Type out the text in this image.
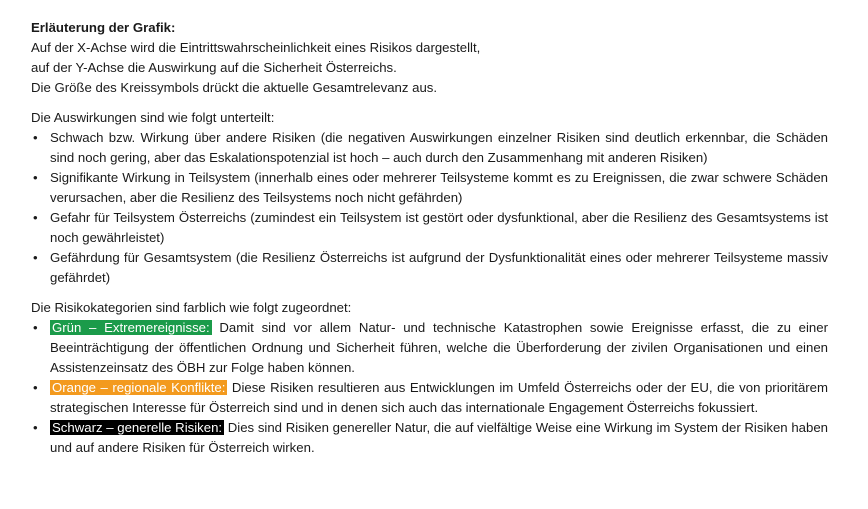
Erläuterung der Grafik:

Auf der X-Achse wird die Eintrittswahrscheinlichkeit eines Risikos dargestellt,

auf der Y-Achse die Auswirkung auf die Sicherheit Österreichs.

Die Größe des Kreissymbols drückt die aktuelle Gesamtrelevanz aus.

Die Auswirkungen sind wie folgt unterteilt:

• Schwach bzw. Wirkung über andere Risiken (die negativen Auswirkungen einzelner Risiken sind deutlich erkennbar, die Schäden sind noch gering, aber das Eskalationspotenzial ist hoch – auch durch den Zusammenhang mit anderen Risiken)
• Signifikante Wirkung in Teilsystem (innerhalb eines oder mehrerer Teilsysteme kommt es zu Ereignissen, die zwar schwere Schäden verursachen, aber die Resilienz des Teilsystems noch nicht gefährden)
• Gefahr für Teilsystem Österreichs (zumindest ein Teilsystem ist gestört oder dysfunktional, aber die Resilienz des Gesamtsystems ist noch gewährleistet)
• Gefährdung für Gesamtsystem (die Resilienz Österreichs ist aufgrund der Dysfunktionalität eines oder mehrerer Teilsysteme massiv gefährdet)

Die Risikokategorien sind farblich wie folgt zugeordnet:

• Grün – Extremereignisse: Damit sind vor allem Natur- und technische Katastrophen sowie Ereignisse erfasst, die zu einer Beeinträchtigung der öffentlichen Ordnung und Sicherheit führen, welche die Überforderung der zivilen Organisationen und einen Assistenzeinsatz des ÖBH zur Folge haben können.
• Orange – regionale Konflikte: Diese Risiken resultieren aus Entwicklungen im Umfeld Österreichs oder der EU, die von prioritärem strategischen Interesse für Österreich sind und in denen sich auch das internationale Engagement Österreichs fokussiert.
• Schwarz – generelle Risiken: Dies sind Risiken genereller Natur, die auf vielfältige Weise eine Wirkung im System der Risiken haben und auf andere Risiken für Österreich wirken.
